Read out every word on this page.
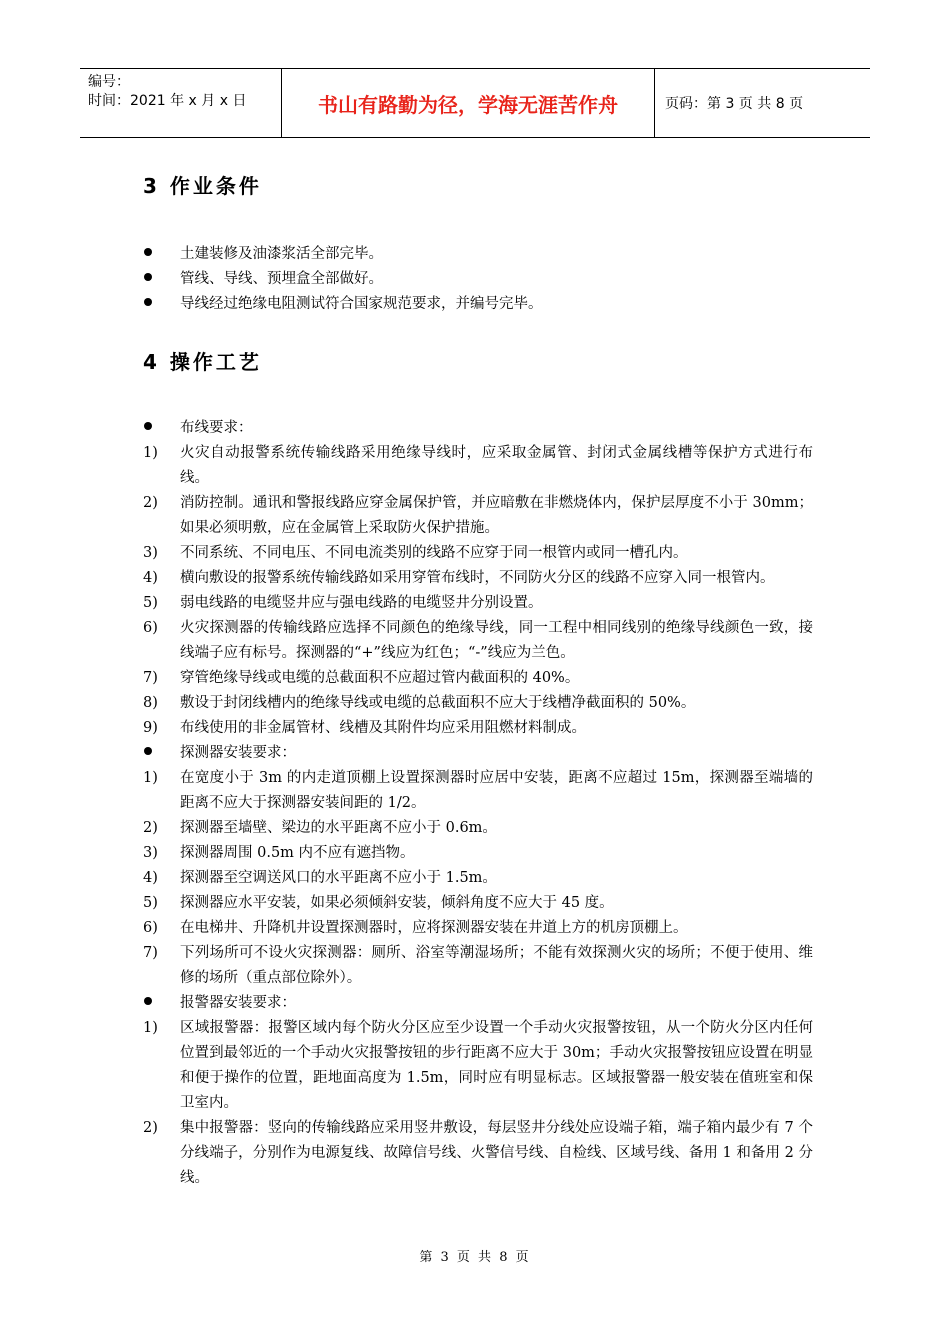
编号：
时间：2021 年 x 月 x 日	书山有路勤为径，学海无涯苦作舟	页码：第 3 页 共 8 页
3 作业条件
土建装修及油漆浆活全部完毕。
管线、导线、预埋盒全部做好。
导线经过绝缘电阻测试符合国家规范要求，并编号完毕。
4 操作工艺
布线要求：
1)	火灾自动报警系统传输线路采用绝缘导线时，应采取金属管、封闭式金属线槽等保护方式进行布线。
2)	消防控制。通讯和警报线路应穿金属保护管，并应暗敷在非燃烧体内，保护层厚度不小于 30mm；如果必须明敷，应在金属管上采取防火保护措施。
3)	不同系统、不同电压、不同电流类别的线路不应穿于同一根管内或同一槽孔内。
4)	横向敷设的报警系统传输线路如采用穿管布线时，不同防火分区的线路不应穿入同一根管内。
5)	弱电线路的电缆竖井应与强电线路的电缆竖井分别设置。
6)	火灾探测器的传输线路应选择不同颜色的绝缘导线，同一工程中相同线别的绝缘导线颜色一致，接线端子应有标号。探测器的“+”线应为红色；“-”线应为兰色。
7)	穿管绝缘导线或电缆的总截面积不应超过管内截面积的 40%。
8)	敷设于封闭线槽内的绝缘导线或电缆的总截面积不应大于线槽净截面积的 50%。
9)	布线使用的非金属管材、线槽及其附件均应采用阻燃材料制成。
探测器安装要求：
1)	在宽度小于 3m 的内走道顶棚上设置探测器时应居中安装，距离不应超过 15m，探测器至端墙的距离不应大于探测器安装间距的 1/2。
2)	探测器至墙壁、梁边的水平距离不应小于 0.6m。
3)	探测器周围 0.5m 内不应有遮挡物。
4)	探测器至空调送风口的水平距离不应小于 1.5m。
5)	探测器应水平安装，如果必须倾斜安装，倾斜角度不应大于 45 度。
6)	在电梯井、升降机井设置探测器时，应将探测器安装在井道上方的机房顶棚上。
7)	下列场所可不设火灾探测器：厕所、浴室等潮湿场所；不能有效探测火灾的场所；不便于使用、维修的场所（重点部位除外）。
报警器安装要求：
1)	区域报警器：报警区域内每个防火分区应至少设置一个手动火灾报警按钮，从一个防火分区内任何位置到最邻近的一个手动火灾报警按钮的步行距离不应大于 30m；手动火灾报警按钮应设置在明显和便于操作的位置，距地面高度为 1.5m，同时应有明显标志。区域报警器一般安装在值班室和保卫室内。
2)	集中报警器：竖向的传输线路应采用竖井敷设，每层竖井分线处应设端子箱，端子箱内最少有 7 个分线端子，分别作为电源复线、故障信号线、火警信号线、自检线、区域号线、备用 1 和备用 2 分线。
第 3 页 共 8 页
